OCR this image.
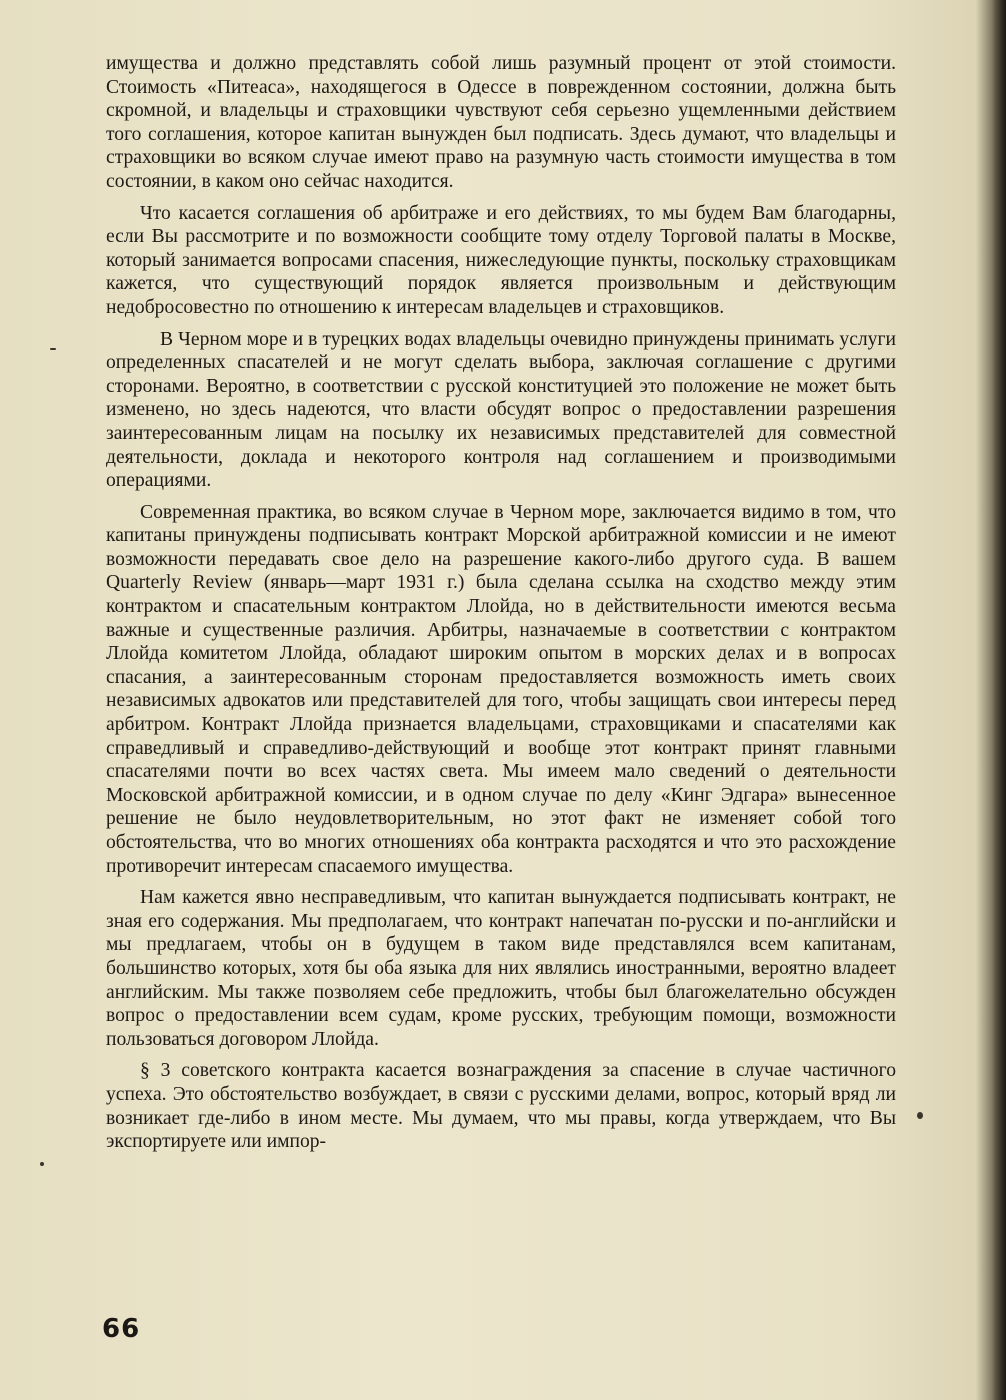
имущества и должно представлять собой лишь разумный процент от этой стоимости. Стоимость «Питеаса», находящегося в Одессе в поврежденном состоянии, должна быть скромной, и владельцы и страховщики чувствуют себя серьезно ущемленными действием того соглашения, которое капитан вынужден был подписать. Здесь думают, что владельцы и страховщики во всяком случае имеют право на разумную часть стоимости имущества в том состоянии, в каком оно сейчас находится.

Что касается соглашения об арбитраже и его действиях, то мы будем Вам благодарны, если Вы рассмотрите и по возможности сообщите тому отделу Торговой палаты в Москве, который занимается вопросами спасения, нижеследующие пункты, поскольку страховщикам кажется, что существующий порядок является произвольным и действующим недобросовестно по отношению к интересам владельцев и страховщиков.

В Черном море и в турецких водах владельцы очевидно принуждены принимать услуги определенных спасателей и не могут сделать выбора, заключая соглашение с другими сторонами. Вероятно, в соответствии с русской конституцией это положение не может быть изменено, но здесь надеются, что власти обсудят вопрос о предоставлении разрешения заинтересованным лицам на посылку их независимых представителей для совместной деятельности, доклада и некоторого контроля над соглашением и производимыми операциями.

Современная практика, во всяком случае в Черном море, заключается видимо в том, что капитаны принуждены подписывать контракт Морской арбитражной комиссии и не имеют возможности передавать свое дело на разрешение какого-либо другого суда. В вашем Quarterly Review (январь—март 1931 г.) была сделана ссылка на сходство между этим контрактом и спасательным контрактом Ллойда, но в действительности имеются весьма важные и существенные различия. Арбитры, назначаемые в соответствии с контрактом Ллойда комитетом Ллойда, обладают широким опытом в морских делах и в вопросах спасания, а заинтересованным сторонам предоставляется возможность иметь своих независимых адвокатов или представителей для того, чтобы защищать свои интересы перед арбитром. Контракт Ллойда признается владельцами, страховщиками и спасателями как справедливый и справедливо-действующий и вообще этот контракт принят главными спасателями почти во всех частях света. Мы имеем мало сведений о деятельности Московской арбитражной комиссии, и в одном случае по делу «Кинг Эдгара» вынесенное решение не было неудовлетворительным, но этот факт не изменяет собой того обстоятельства, что во многих отношениях оба контракта расходятся и что это расхождение противоречит интересам спасаемого имущества.

Нам кажется явно несправедливым, что капитан вынуждается подписывать контракт, не зная его содержания. Мы предполагаем, что контракт напечатан по-русски и по-английски и мы предлагаем, чтобы он в будущем в таком виде представлялся всем капитанам, большинство которых, хотя бы оба языка для них являлись иностранными, вероятно владеет английским. Мы также позволяем себе предложить, чтобы был благожелательно обсужден вопрос о предоставлении всем судам, кроме русских, требующим помощи, возможности пользоваться договором Ллойда.

§ 3 советского контракта касается вознаграждения за спасение в случае частичного успеха. Это обстоятельство возбуждает, в связи с русскими делами, вопрос, который вряд ли возникает где-либо в ином месте. Мы думаем, что мы правы, когда утверждаем, что Вы экспортируете или импор-

66
